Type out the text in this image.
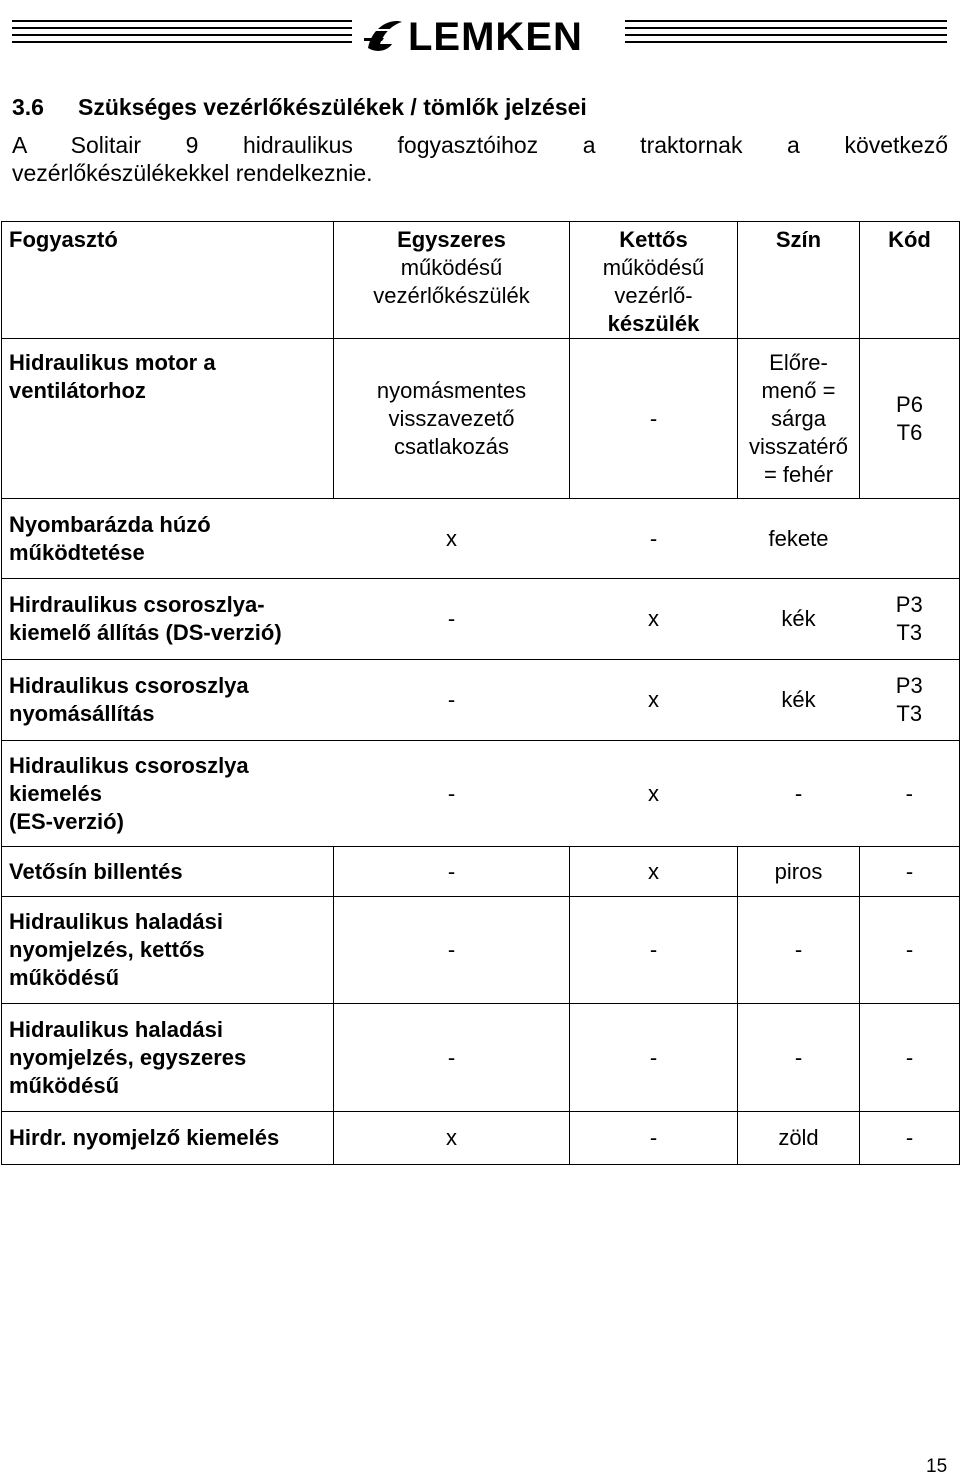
LEMKEN
3.6 Szükséges vezérlőkészülékek / tömlők jelzései
A Solitair 9 hidraulikus fogyasztóihoz a traktornak a következő
vezérlőkészülékekkel rendelkeznie.
Fogyasztó	Egyszeres
működésű
vezérlőkészülék	Kettős
működésű
vezérlő-
készülék	Szín	Kód
Hidraulikus motor a
ventilátorhoz	nyomásmentes
visszavezető
csatlakozás	-	Előre-
menő =
sárga
visszatérő
= fehér	P6
T6
Nyombarázda húzó
működtetése	x	-	fekete	
Hirdraulikus csoroszlya-
kiemelő állítás (DS-verzió)	-	x	kék	P3
T3
Hidraulikus csoroszlya
nyomásállítás	-	x	kék	P3
T3
Hidraulikus csoroszlya
kiemelés
(ES-verzió)	-	x	-	-
Vetősín billentés	-	x	piros	-
Hidraulikus haladási
nyomjelzés, kettős
működésű	-	-	-	-
Hidraulikus haladási
nyomjelzés, egyszeres
működésű	-	-	-	-
Hirdr. nyomjelző kiemelés	x	-	zöld	-
15
